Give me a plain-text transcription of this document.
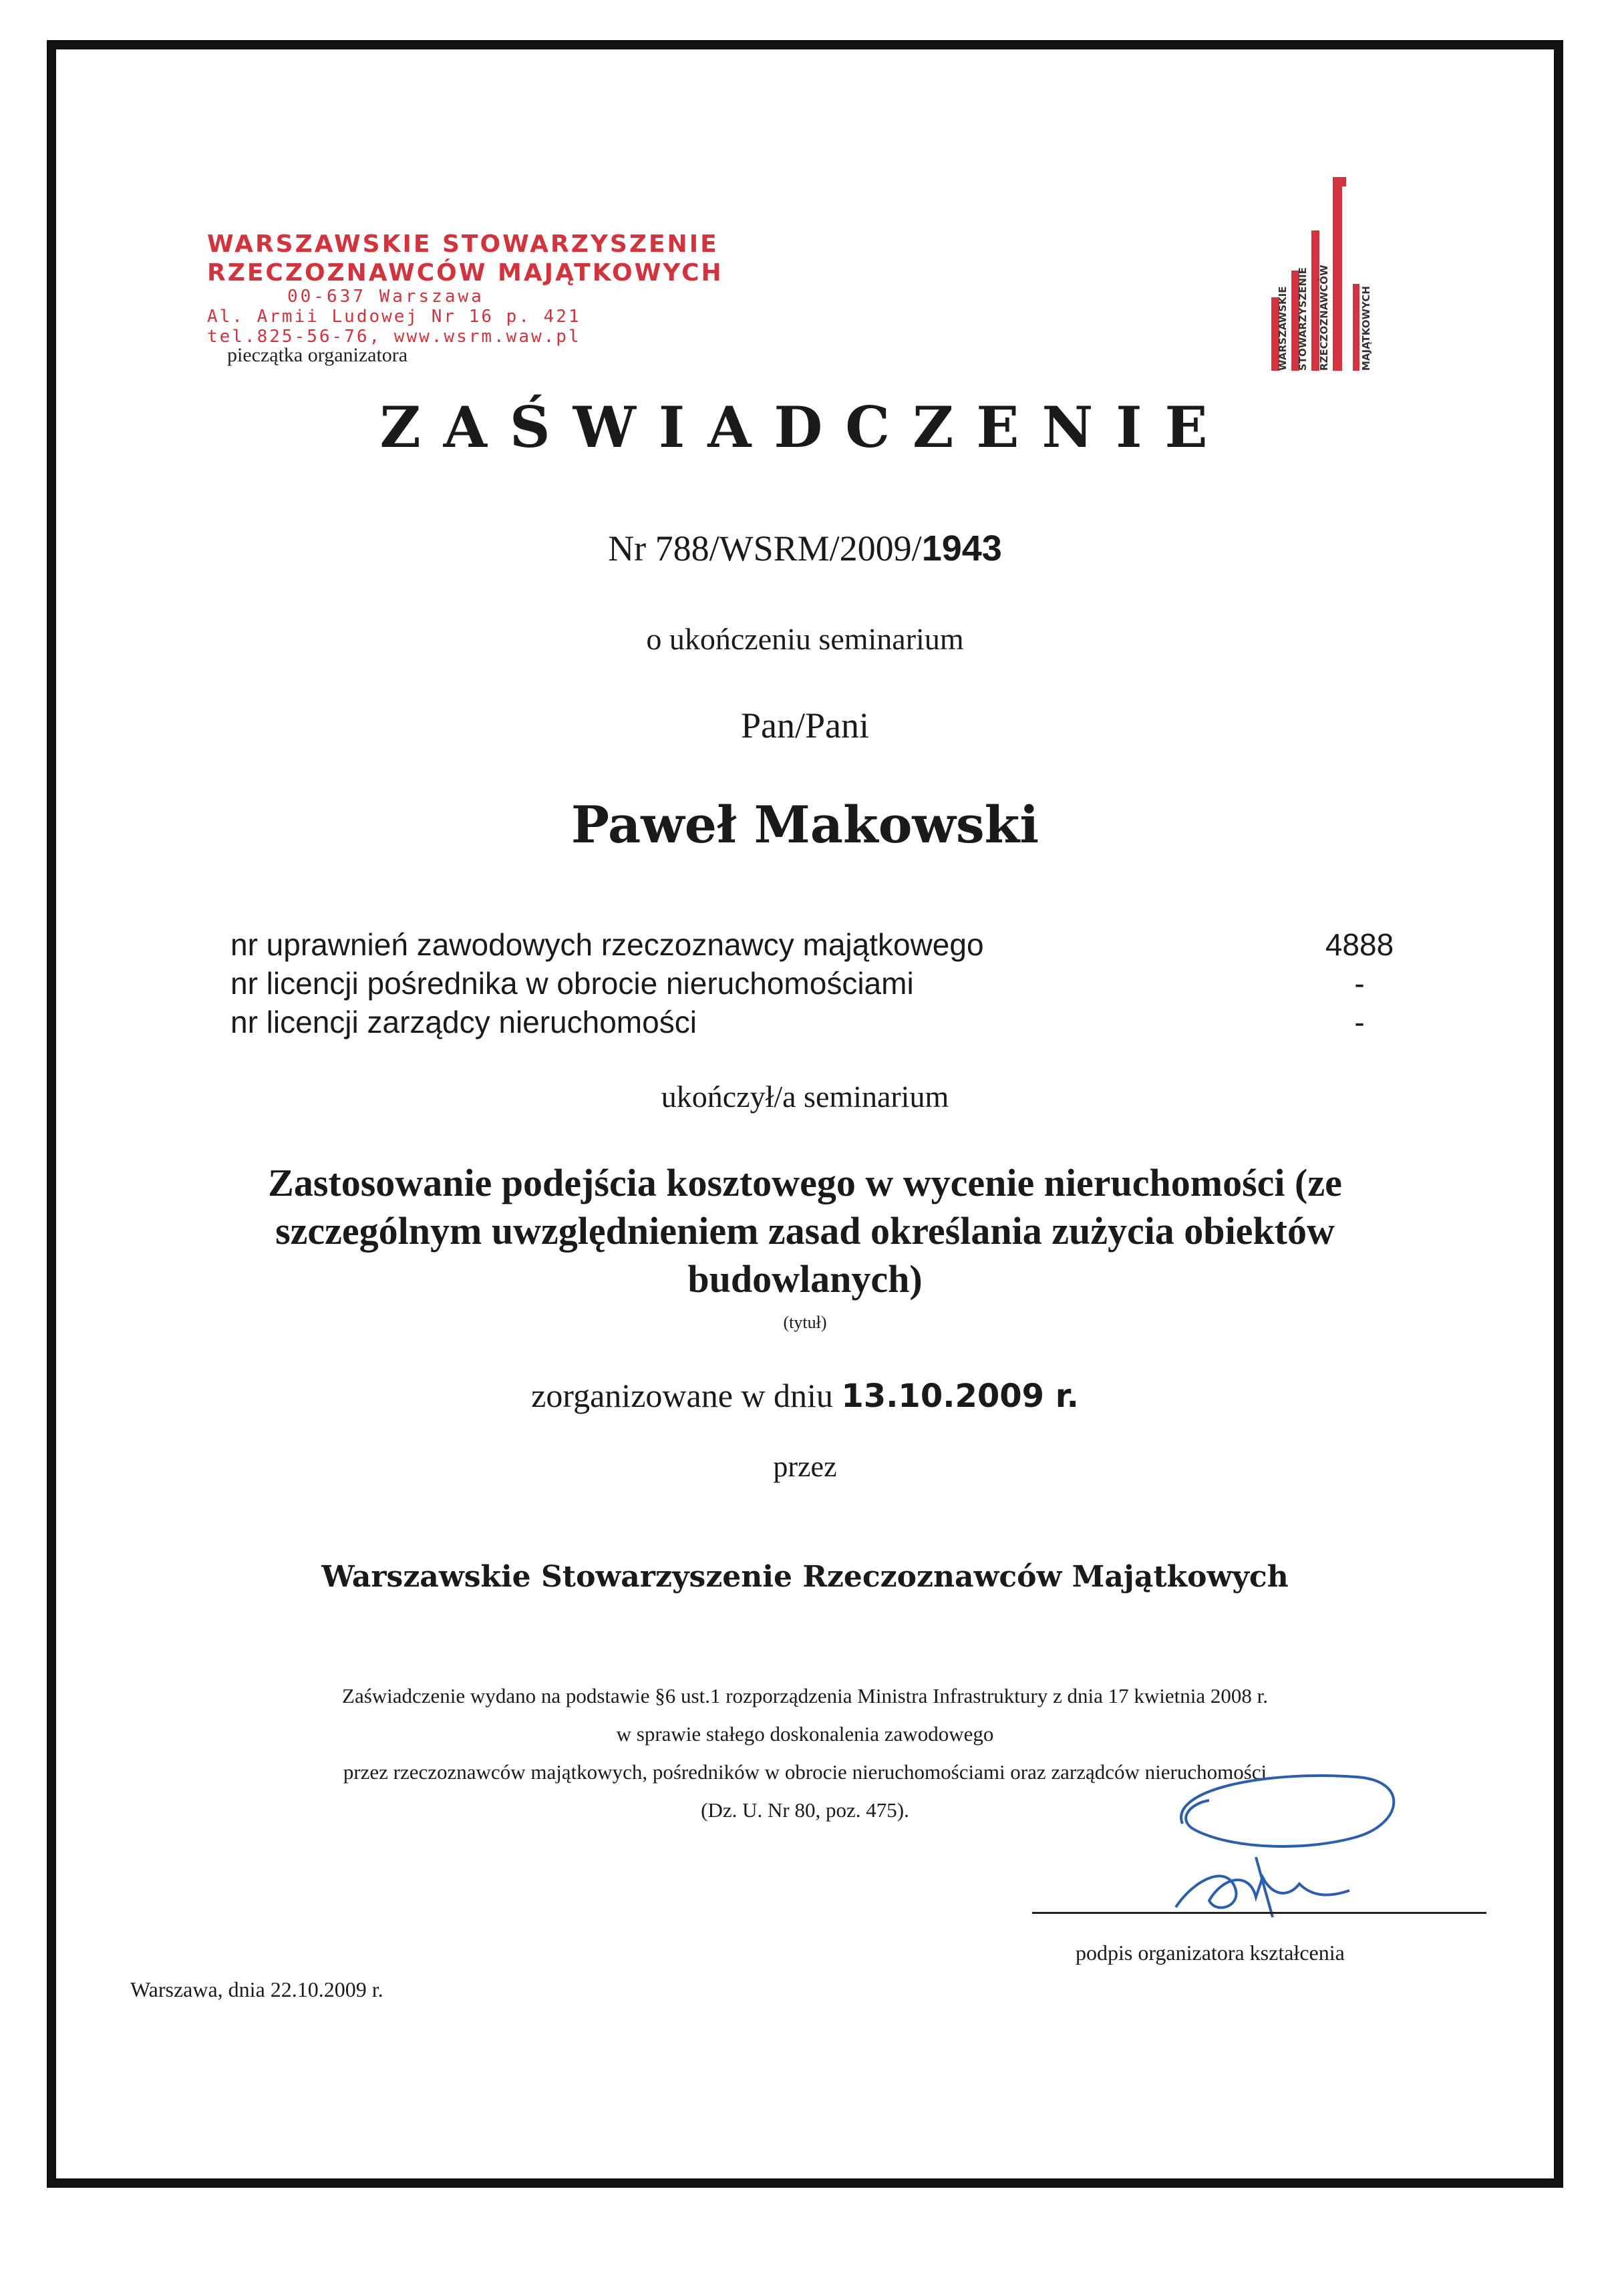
WARSZAWSKIE STOWARZYSZENIE
RZECZOZNAWCÓW MAJĄTKOWYCH
00-637 Warszawa
Al. Armii Ludowej Nr 16 p. 421
tel.825-56-76, www.wsrm.waw.pl
pieczątka organizatora	WARSZAWSKIE STOWARZYSZENIE RZECZOZNAWCÓW	MAJĄTKOWYCH
ZAŚWIADCZENIE
Nr 788/WSRM/2009/1943
o ukończeniu seminarium
Pan/Pani
Paweł Makowski
nr uprawnień zawodowych rzeczoznawcy majątkowego	4888
nr licencji pośrednika w obrocie nieruchomościami	-
nr licencji zarządcy nieruchomości	-
ukończył/a seminarium
Zastosowanie podejścia kosztowego w wycenie nieruchomości (ze szczególnym uwzględnieniem zasad określania zużycia obiektów budowlanych)
(tytuł)
zorganizowane w dniu 13.10.2009 r.
przez
Warszawskie Stowarzyszenie Rzeczoznawców Majątkowych
Zaświadczenie wydano na podstawie §6 ust.1 rozporządzenia Ministra Infrastruktury z dnia 17 kwietnia 2008 r.
w sprawie stałego doskonalenia zawodowego
przez rzeczoznawców majątkowych, pośredników w obrocie nieruchomościami oraz zarządców nieruchomości
(Dz. U. Nr 80, poz. 475).
podpis organizatora kształcenia
Warszawa, dnia 22.10.2009 r.
